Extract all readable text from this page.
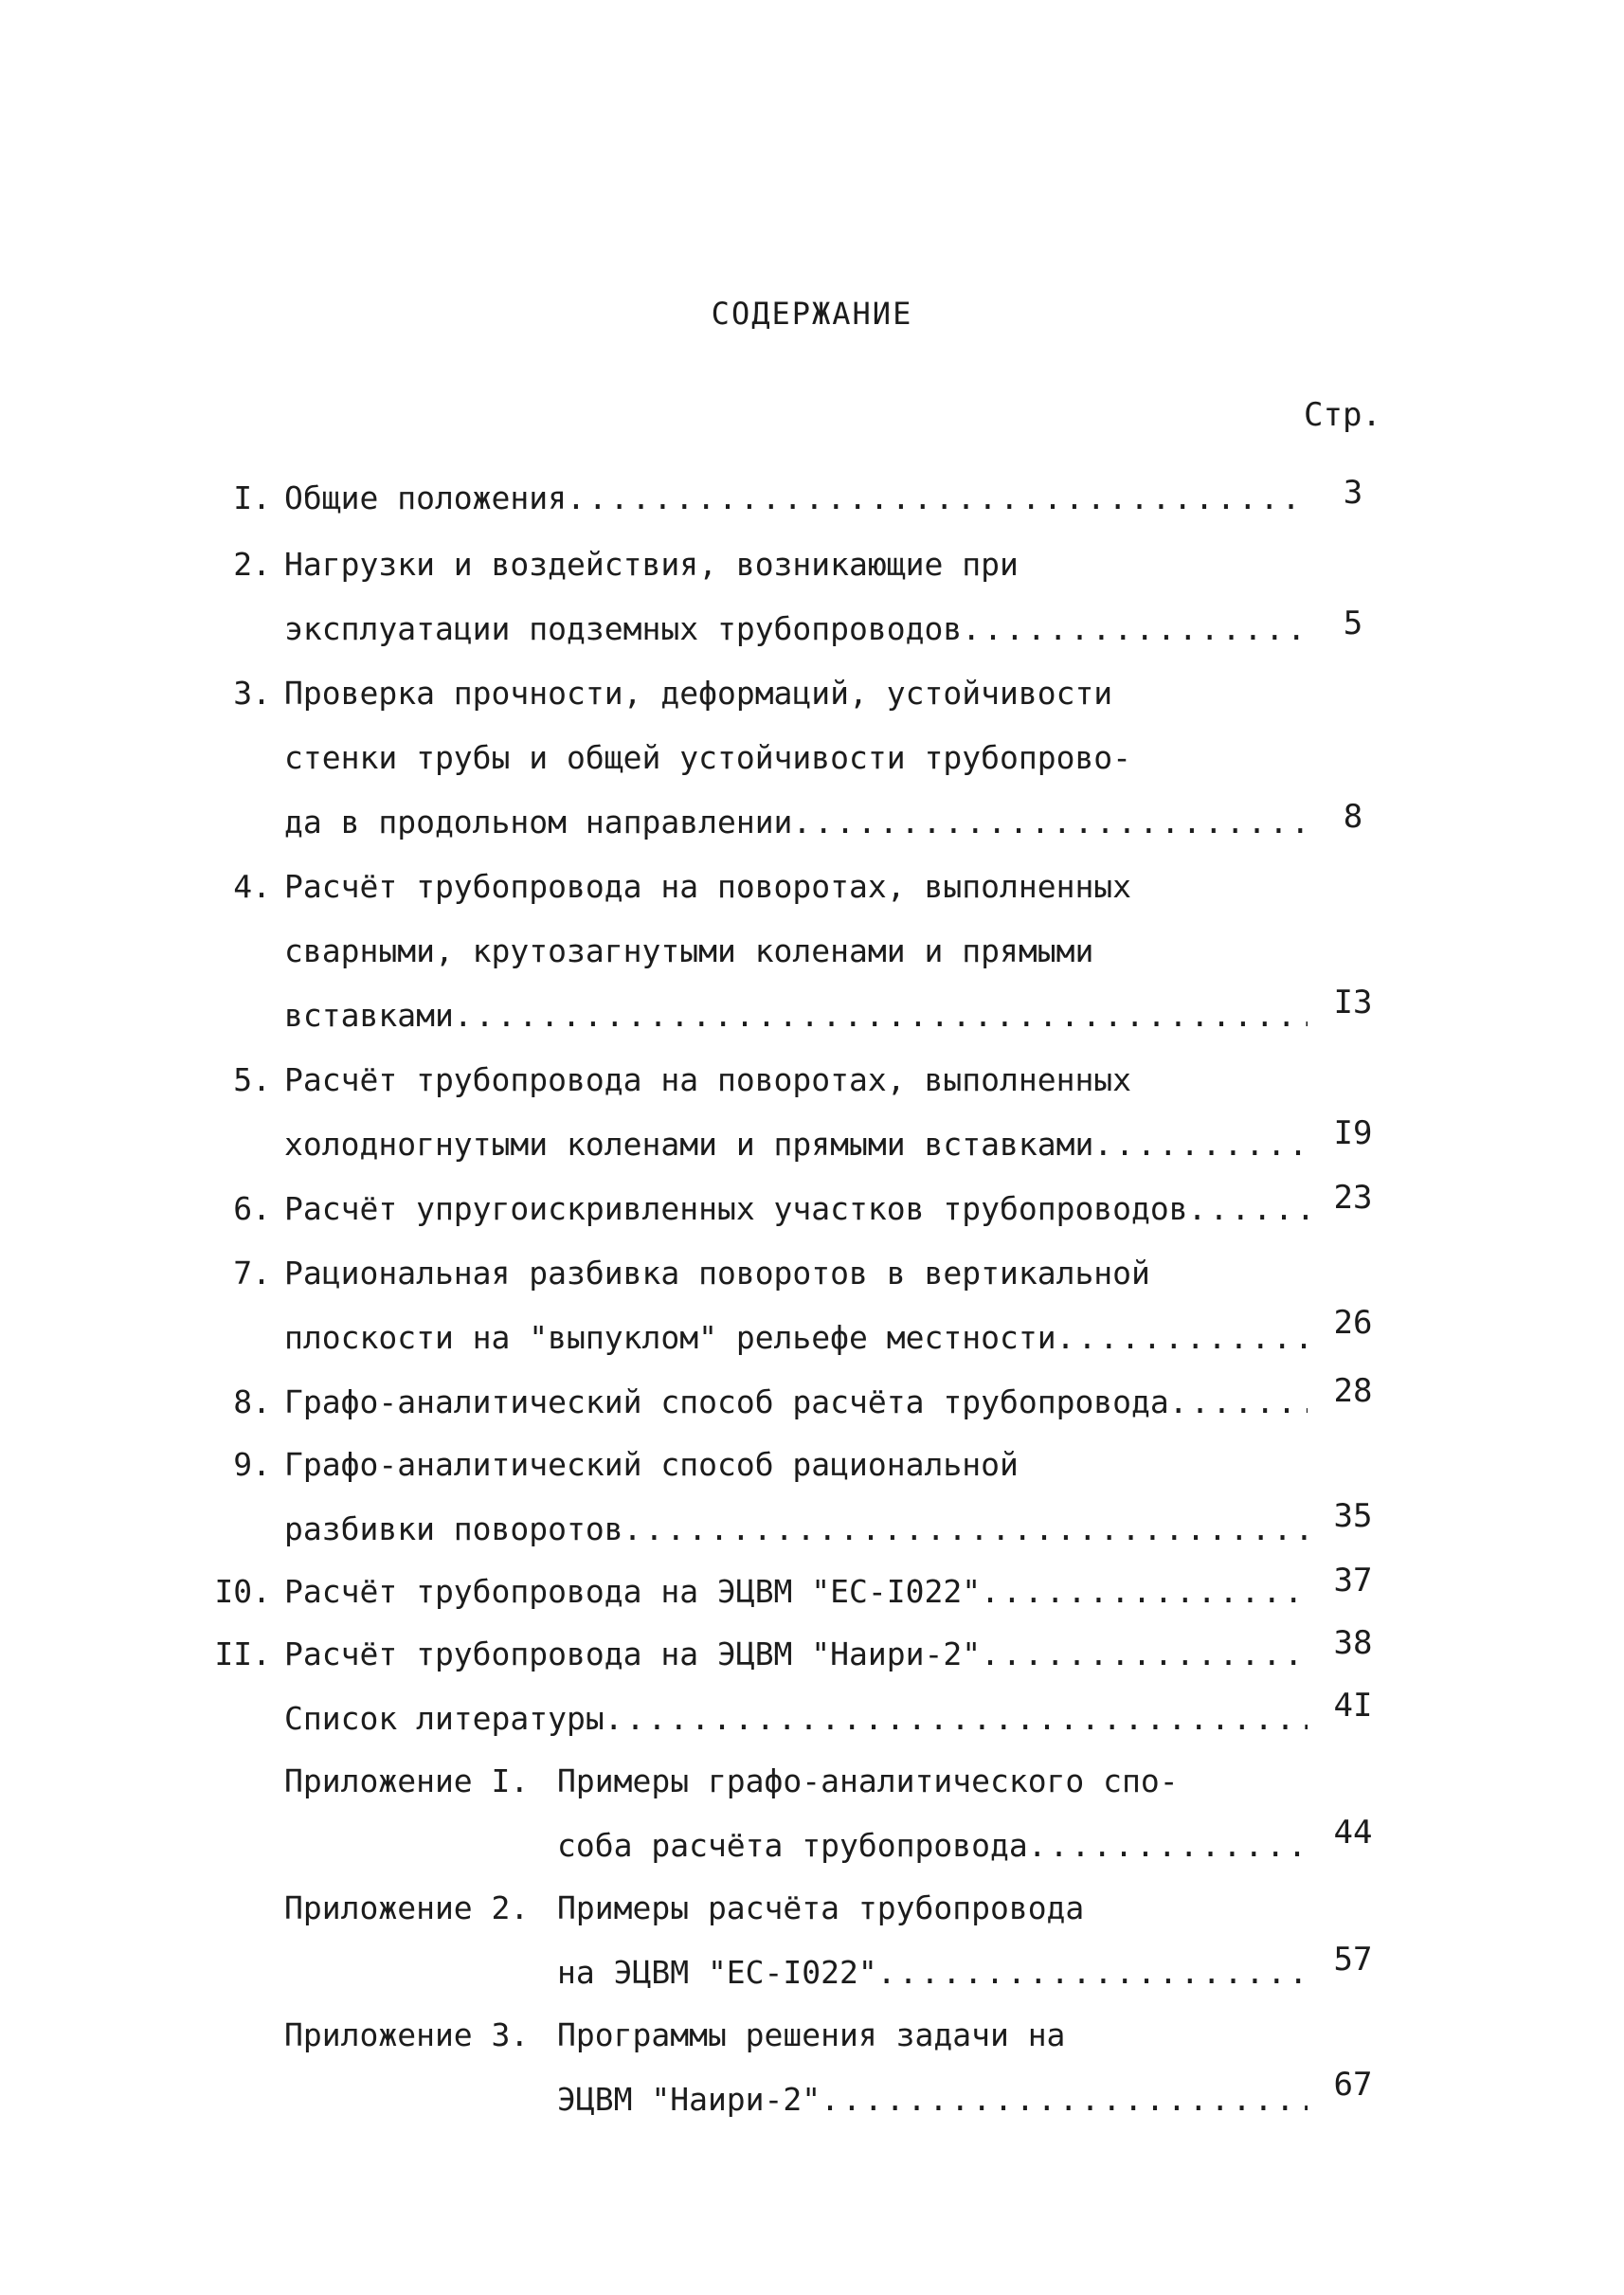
СОДЕРЖАНИЕ
Стр.
I. Общие положения .....	3
2. Нагрузки и воздействия, возникающие при
эксплуатации подземных трубопроводов .....	5
3. Проверка прочности, деформаций, устойчивости
стенки трубы и общей устойчивости трубопрово-
да в продольном направлении .....	8
4. Расчёт трубопровода на поворотах, выполненных
сварными, крутозагнутыми коленами и прямыми
вставками .....	I3
5. Расчёт трубопровода на поворотах, выполненных
холодногнутыми коленами и прямыми вставками .....	I9
6. Расчёт упругоискривленных участков трубопроводов .....	23
7. Рациональная разбивка поворотов в вертикальной
плоскости на "выпуклом" рельефе местности .....	26
8. Графо-аналитический способ расчёта трубопровода .....	28
9. Графо-аналитический способ рациональной
разбивки поворотов .....	35
I0. Расчёт трубопровода на ЭЦВМ "ЕС-I022" .....	37
II. Расчёт трубопровода на ЭЦВМ "Наири-2" .....	38
Список литературы .....	4I
Приложение I. Примеры графо-аналитического спо-
соба расчёта трубопровода .....	44
Приложение 2. Примеры расчёта трубопровода
на ЭЦВМ "ЕС-I022" .....	57
Приложение 3. Программы решения задачи на
ЭЦВМ "Наири-2" .....	67
